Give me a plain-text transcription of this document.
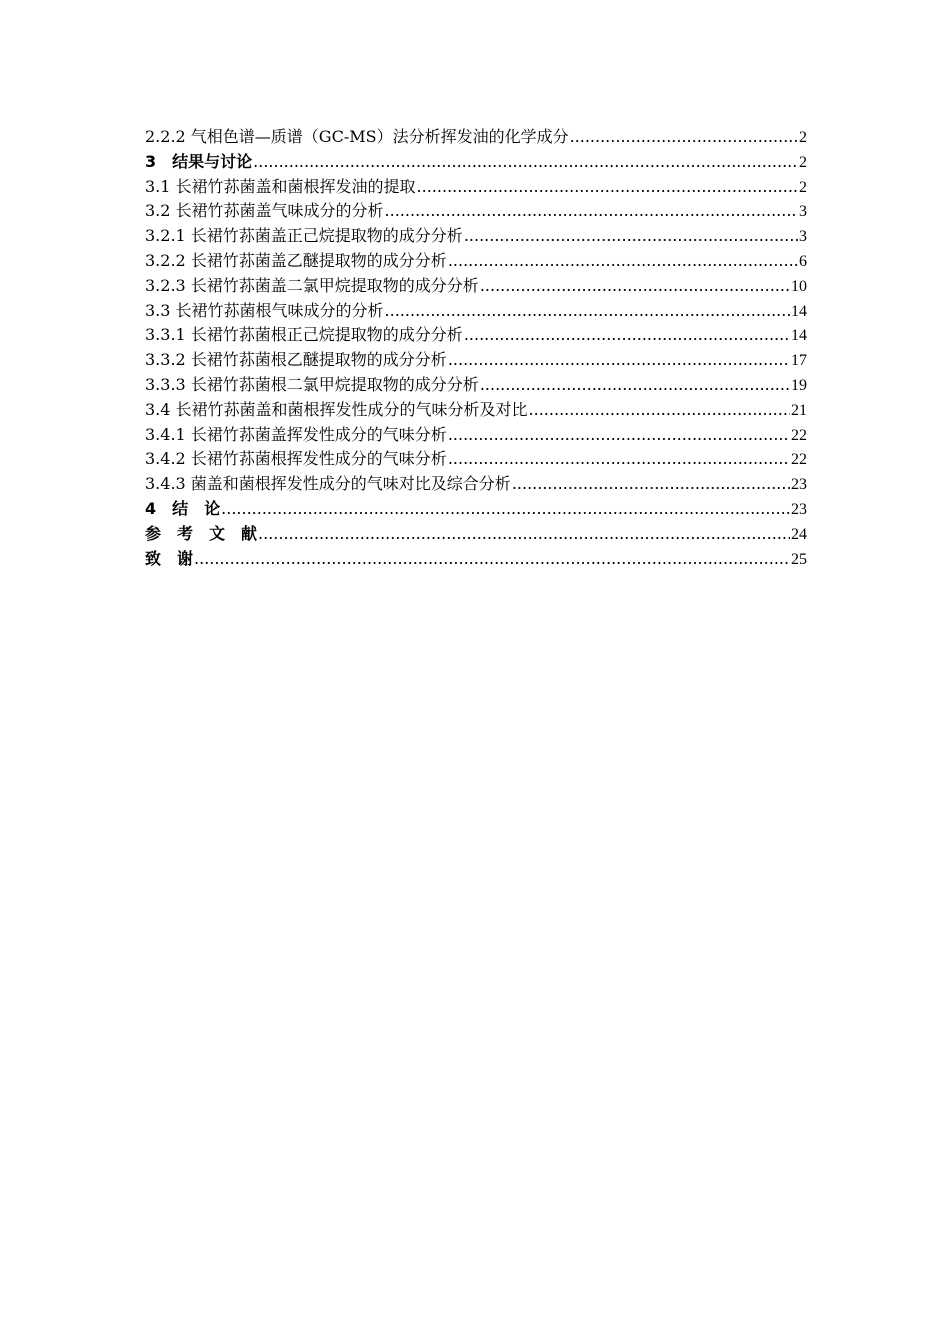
2.2.2 气相色谱—质谱（GC-MS）法分析挥发油的化学成分 .....	2
3　结果与讨论 .....	2
3.1 长裙竹荪菌盖和菌根挥发油的提取 .....	2
3.2 长裙竹荪菌盖气味成分的分析 .....	3
3.2.1 长裙竹荪菌盖正己烷提取物的成分分析 .....	3
3.2.2 长裙竹荪菌盖乙醚提取物的成分分析 .....	6
3.2.3 长裙竹荪菌盖二氯甲烷提取物的成分分析 .....	10
3.3 长裙竹荪菌根气味成分的分析 .....	14
3.3.1 长裙竹荪菌根正己烷提取物的成分分析 .....	14
3.3.2 长裙竹荪菌根乙醚提取物的成分分析 .....	17
3.3.3 长裙竹荪菌根二氯甲烷提取物的成分分析 .....	19
3.4 长裙竹荪菌盖和菌根挥发性成分的气味分析及对比 .....	21
3.4.1 长裙竹荪菌盖挥发性成分的气味分析 .....	22
3.4.2 长裙竹荪菌根挥发性成分的气味分析 .....	22
3.4.3 菌盖和菌根挥发性成分的气味对比及综合分析 .....	23
4　结　论 .....	23
参　考　文　献 .....	24
致　谢 .....	25
